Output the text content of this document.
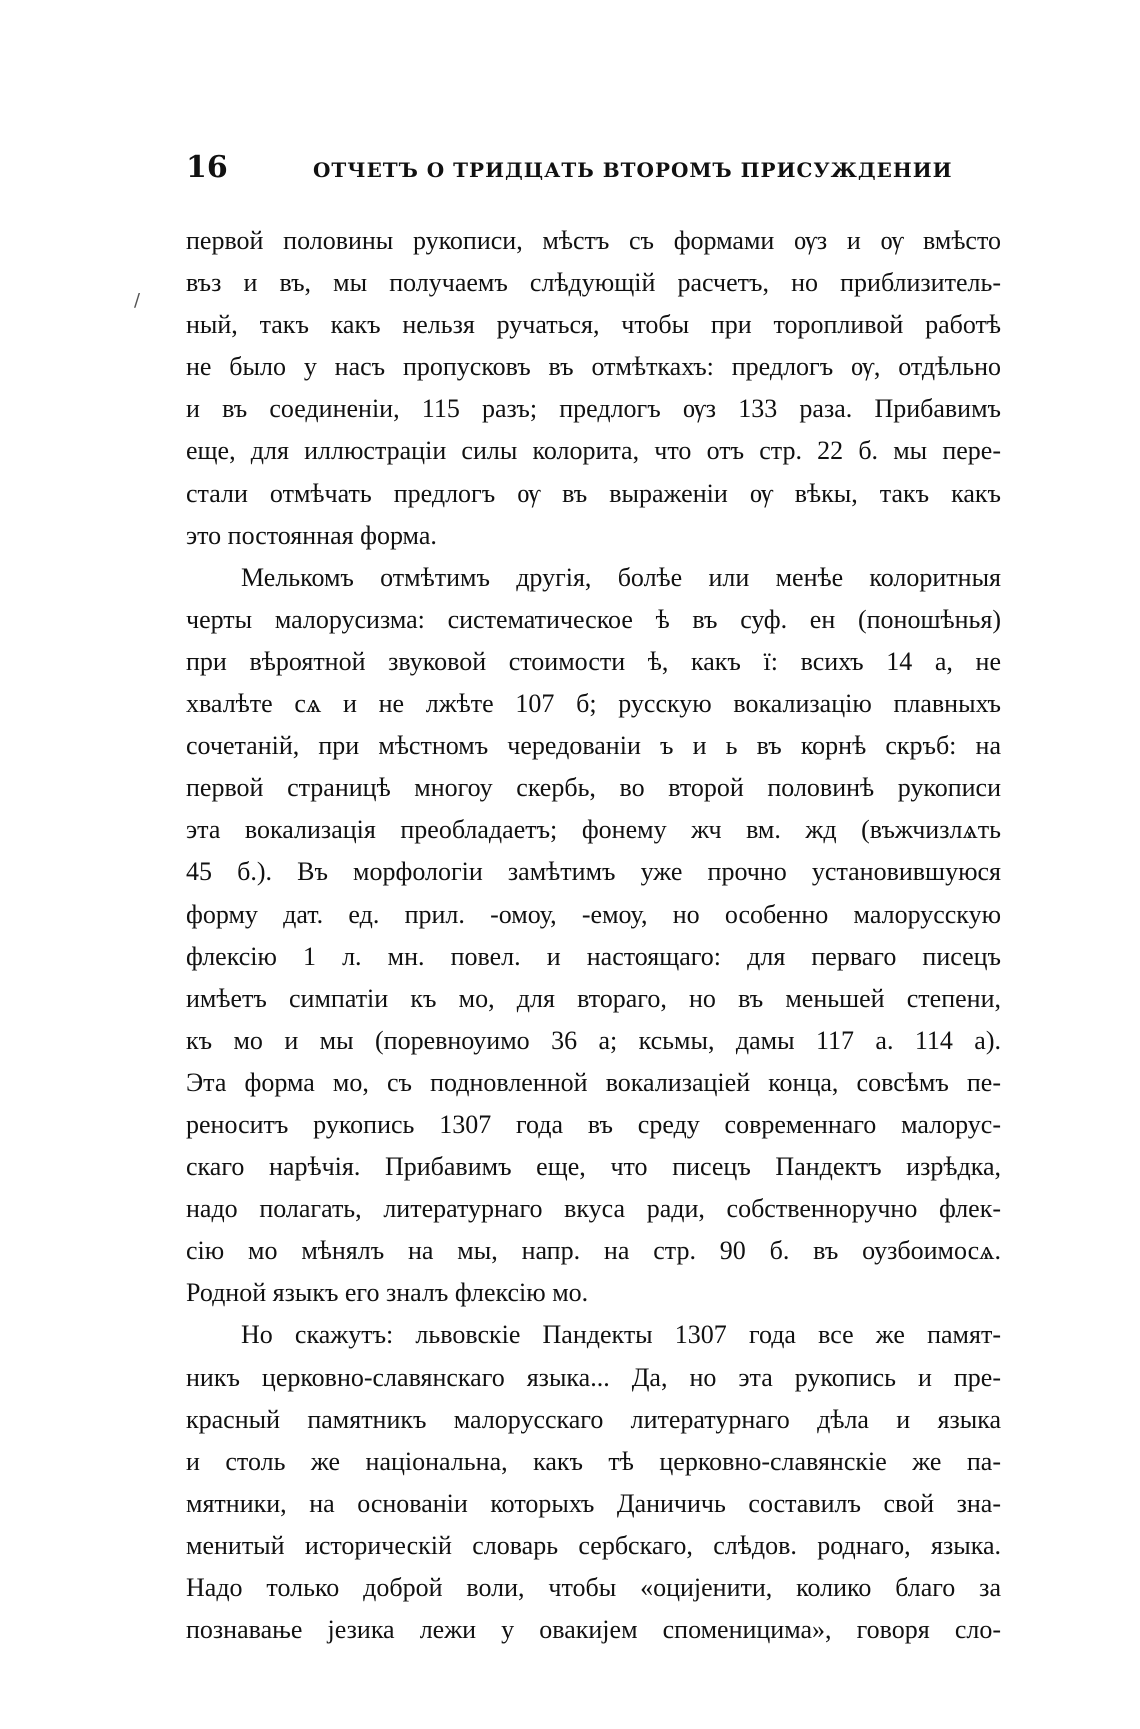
16	ОТЧЕТЪ О ТРИДЦАТЬ ВТОРОМЪ ПРИСУЖДЕНИИ
/
первой половины рукописи, мѣстъ съ формами ѹз и ѹ вмѣсто
въз и въ, мы получаемъ слѣдующій расчетъ, но приблизитель-
ный, такъ какъ нельзя ручаться, чтобы при торопливой работѣ
не было у насъ пропусковъ въ отмѣткахъ: предлогъ ѹ, отдѣльно
и въ соединеніи, 115 разъ; предлогъ ѹз 133 раза. Прибавимъ
еще, для иллюстраціи силы колорита, что отъ стр. 22 б. мы пере-
стали отмѣчать предлогъ ѹ въ выраженіи ѹ вѣкы, такъ какъ
это постоянная форма.
Мелькомъ отмѣтимъ другія, болѣе или менѣе колоритныя
черты малорусизма: систематическое ѣ въ суф. ен (поношѣнья)
при вѣроятной звуковой стоимости ѣ, какъ ї: всихъ 14 а, не
хвалѣте сѧ и не лжѣте 107 б; русскую вокализацію плавныхъ
сочетаній, при мѣстномъ чередованіи ъ и ь въ корнѣ скръб: на
первой страницѣ многоу скербь, во второй половинѣ рукописи
эта вокализація преобладаетъ; фонему жч вм. жд (въжчизлѧть
45 б.). Въ морфологіи замѣтимъ уже прочно установившуюся
форму дат. ед. прил. -омоу, -емоу, но особенно малорусскую
флексію 1 л. мн. повел. и настоящаго: для перваго писецъ
имѣетъ симпатіи къ мо, для втораго, но въ меньшей степени,
къ мо и мы (поревноуимо 36 а; ксьмы, дамы 117 а. 114 а).
Эта форма мо, съ подновленной вокализаціей конца, совсѣмъ пе-
реноситъ рукопись 1307 года въ среду современнаго малорус-
скаго нарѣчія. Прибавимъ еще, что писецъ Пандектъ изрѣдка,
надо полагать, литературнаго вкуса ради, собственноручно флек-
сію мо мѣнялъ на мы, напр. на стр. 90 б. въ оузбоимосѧ.
Родной языкъ его зналъ флексію мо.
Но скажутъ: львовскіе Пандекты 1307 года все же памят-
никъ церковно-славянскаго языка... Да, но эта рукопись и пре-
красный памятникъ малорусскаго литературнаго дѣла и языка
и столь же національна, какъ тѣ церковно-славянскіе же па-
мятники, на основаніи которыхъ Даничичь составилъ свой зна-
менитый историческій словарь сербскаго, слѣдов. роднаго, языка.
Надо только доброй воли, чтобы «оцијенити, колико благо за
познавање језика лежи у овакијем споменицима», говоря сло-
